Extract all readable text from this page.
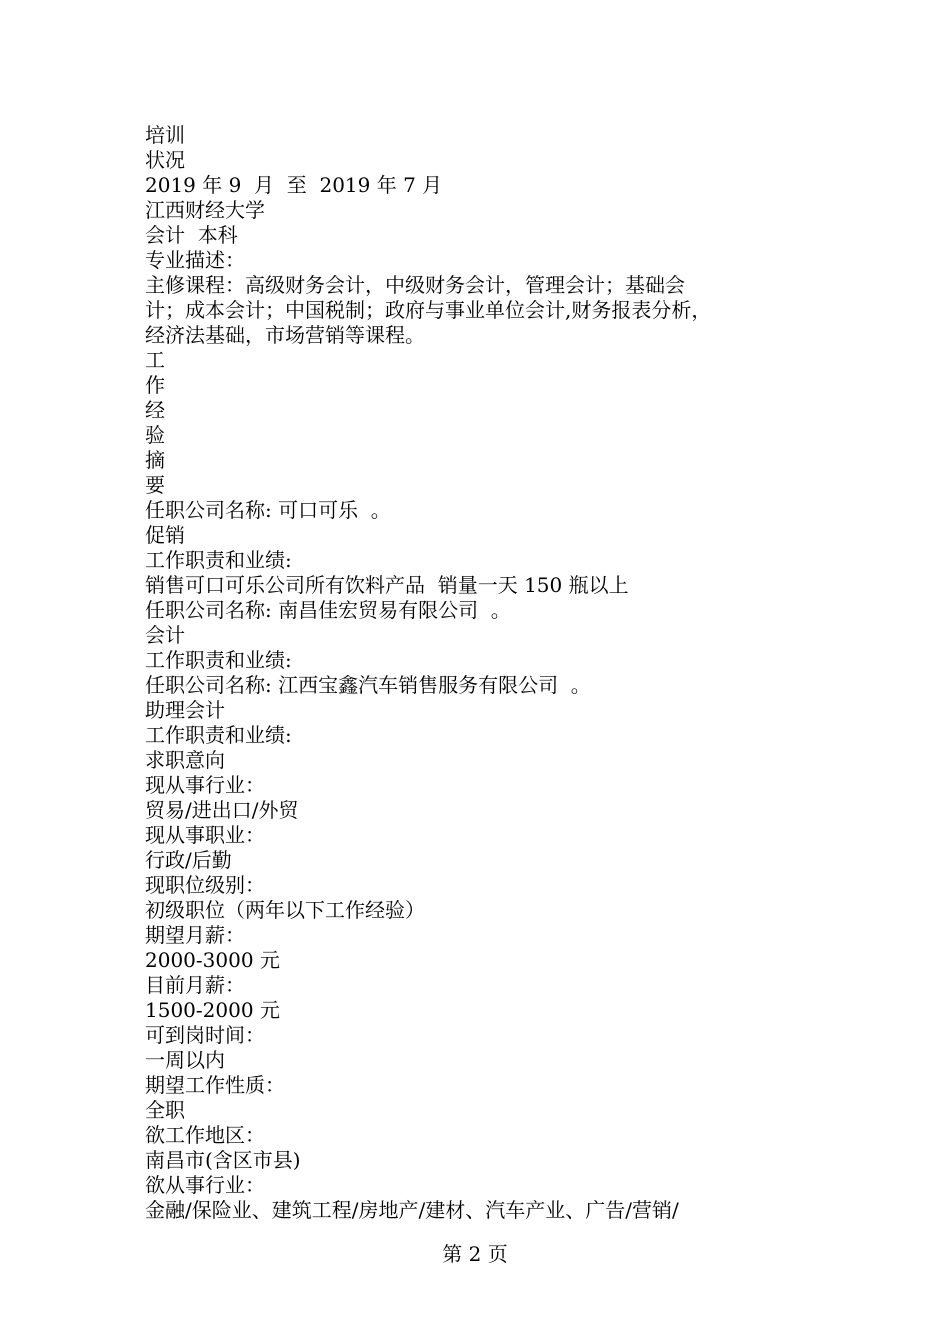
培训
状况
2019 年 9  月  至  2019 年 7 月
江西财经大学
会计  本科
专业描述：
主修课程：高级财务会计，中级财务会计，管理会计；基础会
计；成本会计；中国税制；政府与事业单位会计,财务报表分析，
经济法基础，市场营销等课程。
工
作
经
验
摘
要
任职公司名称: 可口可乐  。
促销
工作职责和业绩:
销售可口可乐公司所有饮料产品  销量一天 150 瓶以上
任职公司名称: 南昌佳宏贸易有限公司  。
会计
工作职责和业绩:
任职公司名称: 江西宝鑫汽车销售服务有限公司  。
助理会计
工作职责和业绩:
求职意向
现从事行业：
贸易/进出口/外贸
现从事职业：
行政/后勤
现职位级别：
初级职位（两年以下工作经验）
期望月薪：
2000-3000 元
目前月薪：
1500-2000 元
可到岗时间：
一周以内
期望工作性质：
全职
欲工作地区：
南昌市(含区市县)
欲从事行业：
金融/保险业、建筑工程/房地产/建材、汽车产业、广告/营销/
第 2 页
